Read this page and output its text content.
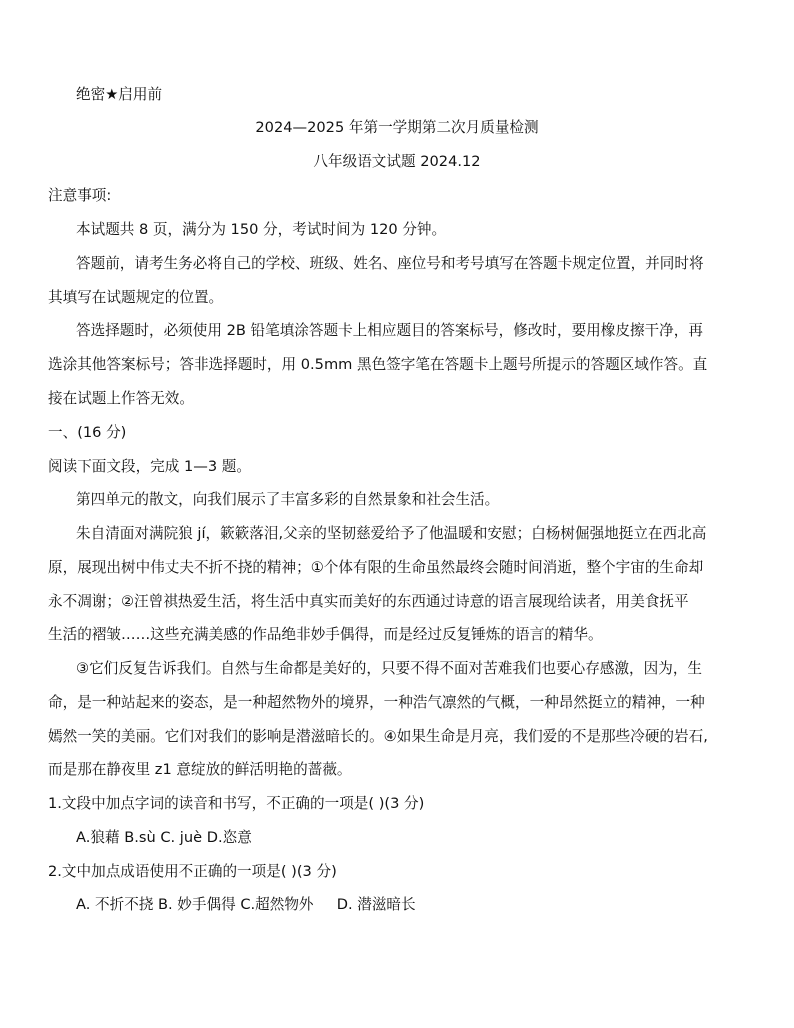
绝密★启用前
2024—2025 年第一学期第二次月质量检测
八年级语文试题 2024.12
注意事项:
本试题共 8 页，满分为 150 分，考试时间为 120 分钟。
答题前，请考生务必将自己的学校、班级、姓名、座位号和考号填写在答题卡规定位置，并同时将
其填写在试题规定的位置。
答选择题时，必须使用 2B 铅笔填涂答题卡上相应题目的答案标号，修改时，要用橡皮擦干净，再
选涂其他答案标号；答非选择题时，用 0.5mm 黑色签字笔在答题卡上题号所提示的答题区域作答。直
接在试题上作答无效。
一、(16 分)
阅读下面文段，完成 1—3 题。
第四单元的散文，向我们展示了丰富多彩的自然景象和社会生活。
朱自清面对满院狼 jí，簌簌落泪,父亲的坚韧慈爱给予了他温暖和安慰；白杨树倔强地挺立在西北高
原，展现出树中伟丈夫不折不挠的精神；①个体有限的生命虽然最终会随时间消逝，整个宇宙的生命却
永不凋谢；②汪曾祺热爱生活，将生活中真实而美好的东西通过诗意的语言展现给读者，用美食抚平
生活的褶皱……这些充满美感的作品绝非妙手偶得，而是经过反复锤炼的语言的精华。
③它们反复告诉我们。自然与生命都是美好的，只要不得不面对苦难我们也要心存感激，因为，生
命，是一种站起来的姿态，是一种超然物外的境界，一种浩气凛然的气概，一种昂然挺立的精神，一种
嫣然一笑的美丽。它们对我们的影响是潜滋暗长的。④如果生命是月亮，我们爱的不是那些冷硬的岩石,
而是那在静夜里 z1 意绽放的鲜活明艳的蔷薇。
1.文段中加点字词的读音和书写，不正确的一项是( )(3 分)
A.狼藉 B.sù C. juè D.恣意
2.文中加点成语使用不正确的一项是( )(3 分)
A. 不折不挠 B. 妙手偶得 C.超然物外     D. 潜滋暗长
